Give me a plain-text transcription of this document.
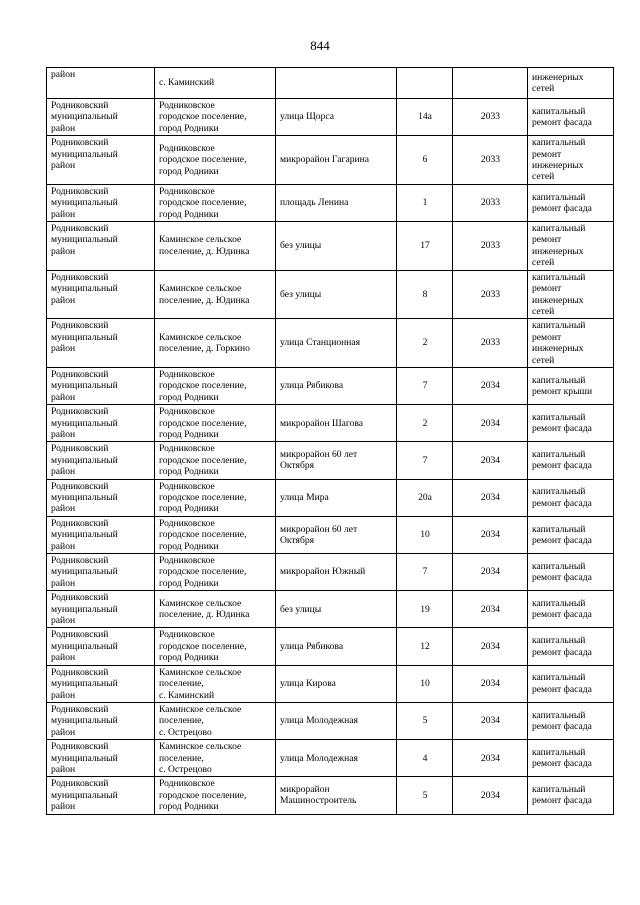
844
район	с. Каминский				инженерных
сетей
Родниковский
муниципальный
район	Родниковское
городское поселение,
город Родники	улица Щорса	14а	2033	капитальный
ремонт фасада
Родниковский
муниципальный
район	Родниковское
городское поселение,
город Родники	микрорайон Гагарина	6	2033	капитальный
ремонт
инженерных
сетей
Родниковский
муниципальный
район	Родниковское
городское поселение,
город Родники	площадь Ленина	1	2033	капитальный
ремонт фасада
Родниковский
муниципальный
район	Каминское сельское
поселение, д. Юдинка	без улицы	17	2033	капитальный
ремонт
инженерных
сетей
Родниковский
муниципальный
район	Каминское сельское
поселение, д. Юдинка	без улицы	8	2033	капитальный
ремонт
инженерных
сетей
Родниковский
муниципальный
район	Каминское сельское
поселение, д. Горкино	улица Станционная	2	2033	капитальный
ремонт
инженерных
сетей
Родниковский
муниципальный
район	Родниковское
городское поселение,
город Родники	улица Рябикова	7	2034	капитальный
ремонт крыши
Родниковский
муниципальный
район	Родниковское
городское поселение,
город Родники	микрорайон Шагова	2	2034	капитальный
ремонт фасада
Родниковский
муниципальный
район	Родниковское
городское поселение,
город Родники	микрорайон 60 лет
Октября	7	2034	капитальный
ремонт фасада
Родниковский
муниципальный
район	Родниковское
городское поселение,
город Родники	улица Мира	20а	2034	капитальный
ремонт фасада
Родниковский
муниципальный
район	Родниковское
городское поселение,
город Родники	микрорайон 60 лет
Октября	10	2034	капитальный
ремонт фасада
Родниковский
муниципальный
район	Родниковское
городское поселение,
город Родники	микрорайон Южный	7	2034	капитальный
ремонт фасада
Родниковский
муниципальный
район	Каминское сельское
поселение, д. Юдинка	без улицы	19	2034	капитальный
ремонт фасада
Родниковский
муниципальный
район	Родниковское
городское поселение,
город Родники	улица Рябикова	12	2034	капитальный
ремонт фасада
Родниковский
муниципальный
район	Каминское сельское
поселение,
с. Каминский	улица Кирова	10	2034	капитальный
ремонт фасада
Родниковский
муниципальный
район	Каминское сельское
поселение,
с. Острецово	улица Молодежная	5	2034	капитальный
ремонт фасада
Родниковский
муниципальный
район	Каминское сельское
поселение,
с. Острецово	улица Молодежная	4	2034	капитальный
ремонт фасада
Родниковский
муниципальный
район	Родниковское
городское поселение,
город Родники	микрорайон
Машиностроитель	5	2034	капитальный
ремонт фасада
